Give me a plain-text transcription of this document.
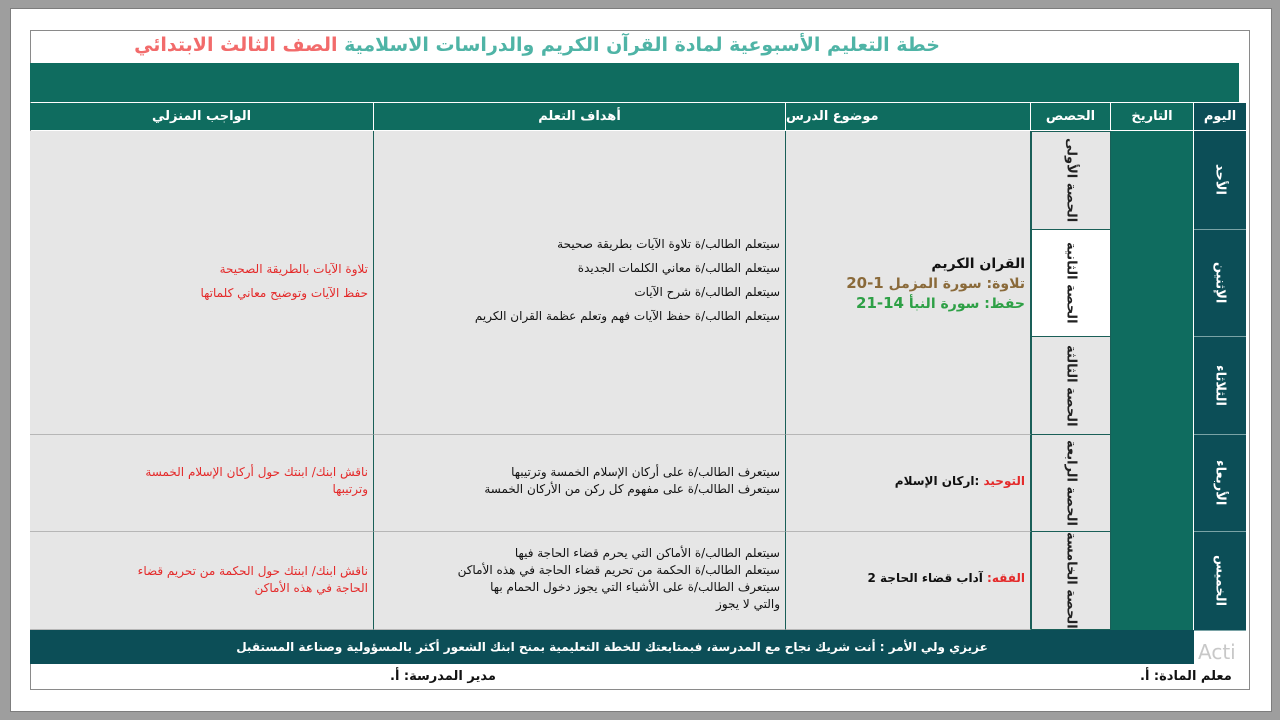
خطة التعليم الأسبوعية لمادة القرآن الكريم والدراسات الاسلامية الصف الثالث الابتدائي
اليوم
التاريخ
الحصص
موضوع الدرس
أهداف التعلم
الواجب المنزلي
الأحد
الإثنين
الثلاثاء
الأربعاء
الخميس
الحصة الأولى
الحصة الثانية
الحصة الثالثة
الحصة الرابعة
الحصة الخامسة
القران الكريم
تلاوة: سورة المزمل 1-20
حفظ: سورة النبأ 14-21
سيتعلم الطالب/ة تلاوة الآيات بطريقة صحيحة
سيتعلم الطالب/ة معاني الكلمات الجديدة
سيتعلم الطالب/ة شرح الآيات
سيتعلم الطالب/ة حفظ الآيات فهم وتعلم عظمة القران الكريم
تلاوة الآيات بالطريقة الصحيحة
حفظ الآيات وتوضيح معاني كلماتها
التوحيد :اركان الإسلام
سيتعرف الطالب/ة على أركان الإسلام الخمسة وترتيبها
سيتعرف الطالب/ة على مفهوم كل ركن من الأركان الخمسة
ناقش ابنك/ ابنتك حول أركان الإسلام الخمسة
وترتيبها
الفقه: آداب قضاء الحاجة 2
سيتعلم الطالب/ة الأماكن التي يحرم قضاء الحاجة فيها
سيتعلم الطالب/ة الحكمة من تحريم قضاء الحاجة في هذه الأماكن
سيتعرف الطالب/ة على الأشياء التي يجوز دخول الحمام بها
والتي لا يجوز
ناقش ابنك/ ابنتك حول الحكمة من تحريم قضاء
الحاجة في هذه الأماكن
عزيزي ولي الأمر : أنت شريك نجاح مع المدرسة، فبمتابعتك للخطة التعليمية بمنح ابنك الشعور أكثر بالمسؤولية وصناعة المستقبل
معلم المادة: أ.
مدير المدرسة: أ.
Acti
